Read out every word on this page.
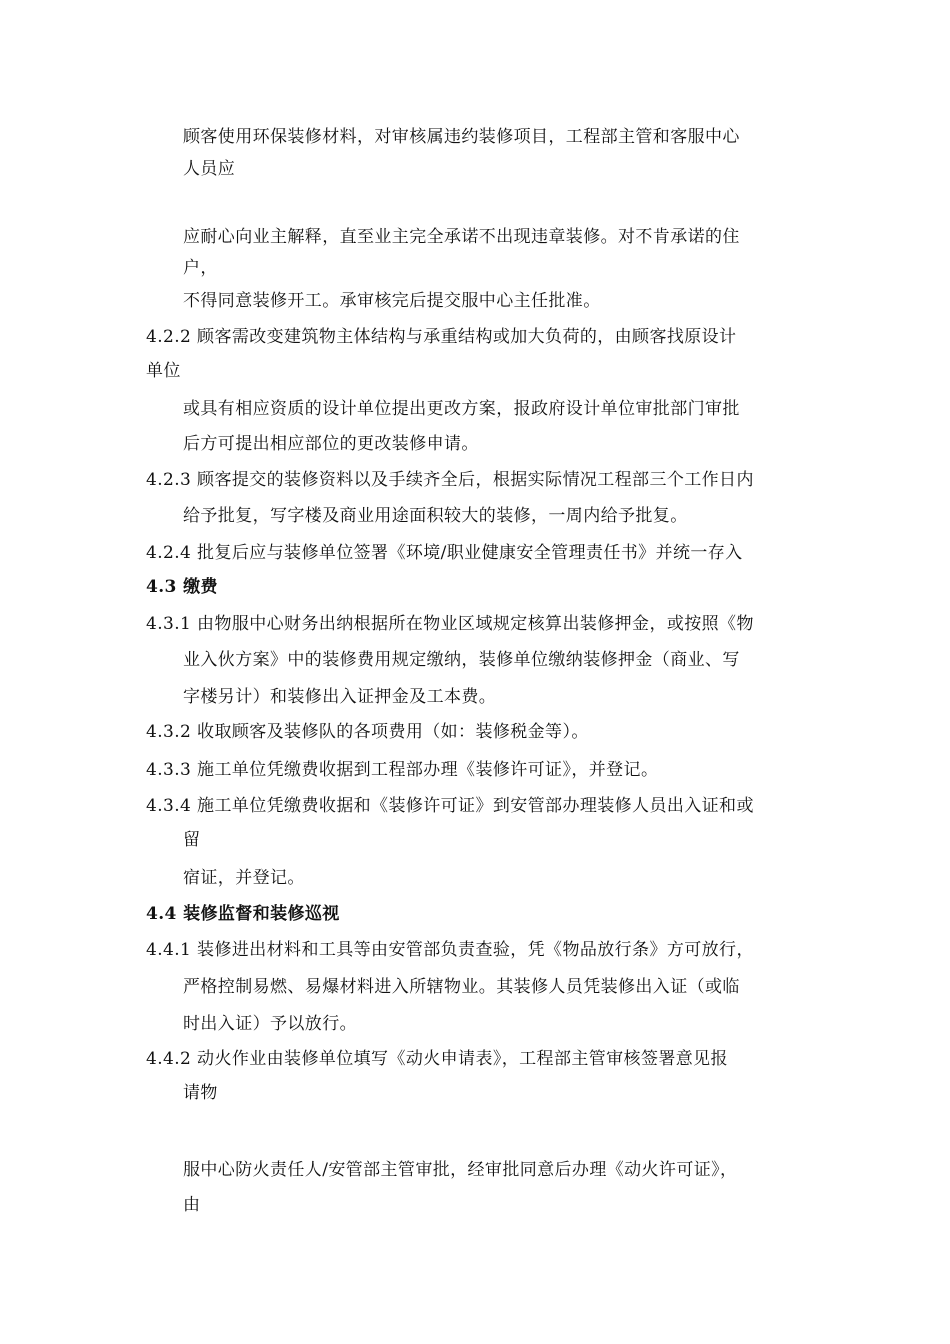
顾客使用环保装修材料，对审核属违约装修项目，工程部主管和客服中心
人员应
应耐心向业主解释，直至业主完全承诺不出现违章装修。对不肯承诺的住
户，
不得同意装修开工。承审核完后提交服中心主任批准。
4.2.2 顾客需改变建筑物主体结构与承重结构或加大负荷的，由顾客找原设计
单位
或具有相应资质的设计单位提出更改方案，报政府设计单位审批部门审批
后方可提出相应部位的更改装修申请。
4.2.3 顾客提交的装修资料以及手续齐全后，根据实际情况工程部三个工作日内
给予批复，写字楼及商业用途面积较大的装修，一周内给予批复。
4.2.4 批复后应与装修单位签署《环境/职业健康安全管理责任书》并统一存入
4.3 缴费
4.3.1 由物服中心财务出纳根据所在物业区域规定核算出装修押金，或按照《物
业入伙方案》中的装修费用规定缴纳，装修单位缴纳装修押金（商业、写
字楼另计）和装修出入证押金及工本费。
4.3.2 收取顾客及装修队的各项费用（如：装修税金等）。
4.3.3 施工单位凭缴费收据到工程部办理《装修许可证》，并登记。
4.3.4 施工单位凭缴费收据和《装修许可证》到安管部办理装修人员出入证和或
留
宿证，并登记。
4.4 装修监督和装修巡视
4.4.1 装修进出材料和工具等由安管部负责查验，凭《物品放行条》方可放行，
严格控制易燃、易爆材料进入所辖物业。其装修人员凭装修出入证（或临
时出入证）予以放行。
4.4.2 动火作业由装修单位填写《动火申请表》，工程部主管审核签署意见报
请物
服中心防火责任人/安管部主管审批，经审批同意后办理《动火许可证》，
由
